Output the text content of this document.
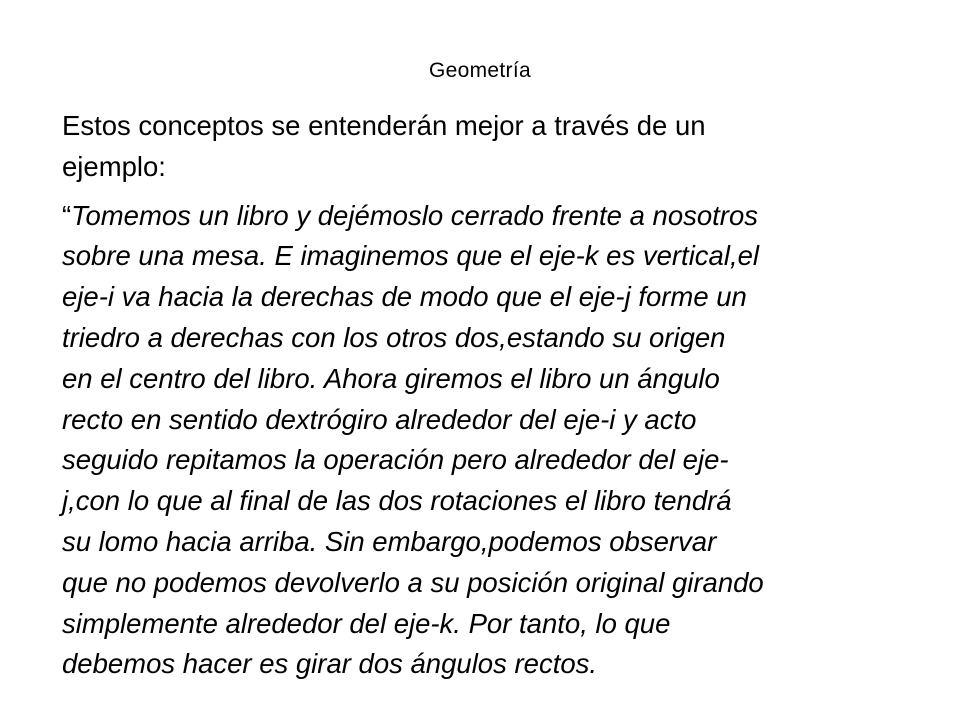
Geometría
Estos conceptos se entenderán mejor a través de un
ejemplo:
“Tomemos un libro y dejémoslo cerrado frente a nosotros
sobre una mesa. E imaginemos que el eje-k es vertical,el
eje-i va hacia la derechas de modo que el eje-j forme un
triedro a derechas con los otros dos,estando su origen
en el centro del libro. Ahora giremos el libro un ángulo
recto en sentido dextrógiro alrededor del eje-i y acto
seguido repitamos la operación pero alrededor del eje-
j,con lo que al final de las dos rotaciones el libro tendrá
su lomo hacia arriba. Sin embargo,podemos observar
que no podemos devolverlo a su posición original girando
simplemente alrededor del eje-k. Por tanto, lo que
debemos hacer es girar dos ángulos rectos.
